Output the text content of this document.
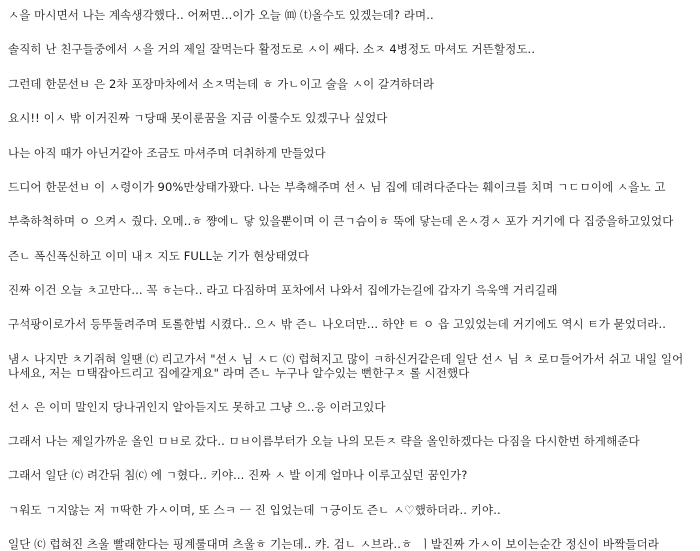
ㅅ을 마시면서 나는 계속생각했다.. 어쩌면...이가 오늘 ⒨ ⒯올수도 있겠는데? 라며..

솔직히 난 친구들중에서 ㅅ을 거의 제일 잘먹는다 활정도로 ㅅ이 쌔다. 소ㅈ 4병정도 마셔도 거뜬할정도..

그런데 한문선ㅂ 은 2차 포장마차에서 소ㅈ먹는데 ㅎ 가ㄴ이고 술을 ㅅ이 갈겨하더라

요시!! 이ㅅ 밖 이거진짜 ㄱ당때 못이룬꿈을 지금 이룰수도 있겠구나 싶었다

나는 아직 때가 아닌거같아 조금도 마셔주며 더취하게 만들었다

드디어 한문선ㅂ 이 ㅅ령이가 90%만상태가꽜다. 나는 부축해주며 선ㅅ 님 집에 데려다준다는 훼이크를 치며 ㄱㄷㅁ이에 ㅅ을노 고

부축하척하며 ㅇ 으켜ㅅ 줬다. 오메..ㅎ 쨩에ㄴ 닿 있을뿐이며 이 큰ㄱ슴이ㅎ 뚝에 닿는데 온ㅅ경ㅅ 포가 거기에 다 집중을하고있었다

즌ㄴ 폭신폭신하고 이미 내ㅈ 지도 FULL눈 기가 현상태였다

진짜 이건 오늘 ㅊ고만다... 꼭 ㅎ는다.. 라고 다짐하며 포차에서 나와서 집에가는길에 갑자기 윽욱액 거리길래

구석팡이로가서 등뚜둘려주며 토롤한법 시켰다.. 으ㅅ 밖 즌ㄴ 나오더만... 하얀 ㅌ ㅇ 읍 고있었는데 거기에도 역시 ㅌ가 묻었더라..

냄ㅅ 나지만 ㅊ기쥐혀 일땐 ⒞ 리고가서 "선ㅅ 님 ㅅㄷ ⒞ 럽혀지고 많이 ㅋ하신거같은데 일단 선ㅅ 님 ㅊ 로ㅁ들어가서 쉬고 내일 일어나세요, 저는 ㅁ택잡아드리고 집에갈게요" 라며 즌ㄴ 누구나 알수있는 뻔한구ㅈ 롤 시전했다

선ㅅ 은 이미 말인지 당나귀인지 알아듣지도 못하고 그냥 으..응 이러고있다

그래서 나는 제일가까운 올인 ㅁㅂ로 갔다.. ㅁㅂ이름부터가 오늘 나의 모든ㅈ 략을 올인하겠다는 다짐을 다시한번 하게해준다

그래서 일단 ⒞ 려간뒤 침⒞ 에 ㄱ혔다.. 키야... 진짜 ㅅ 발 이게 얼마나 이루고싶던 꿈인가?

ㄱ워도 ㄱ지않는 저 ㄲ딱한 가ㅅ이며, 또 스ㅋ ㅡ 진 입었는데 ㄱ긍이도 즌ㄴ ㅅ♡했하더라.. 키야..

일단 ⒞ 럽혀진 츠울 빨래한다는 핑계룰대며 츠울ㅎ 기는데.. 캬. 검ㄴ ㅅ브라..ㅎ  ㅣ발진짜 가ㅅ이 보이는순간 정신이 바짝들더라
